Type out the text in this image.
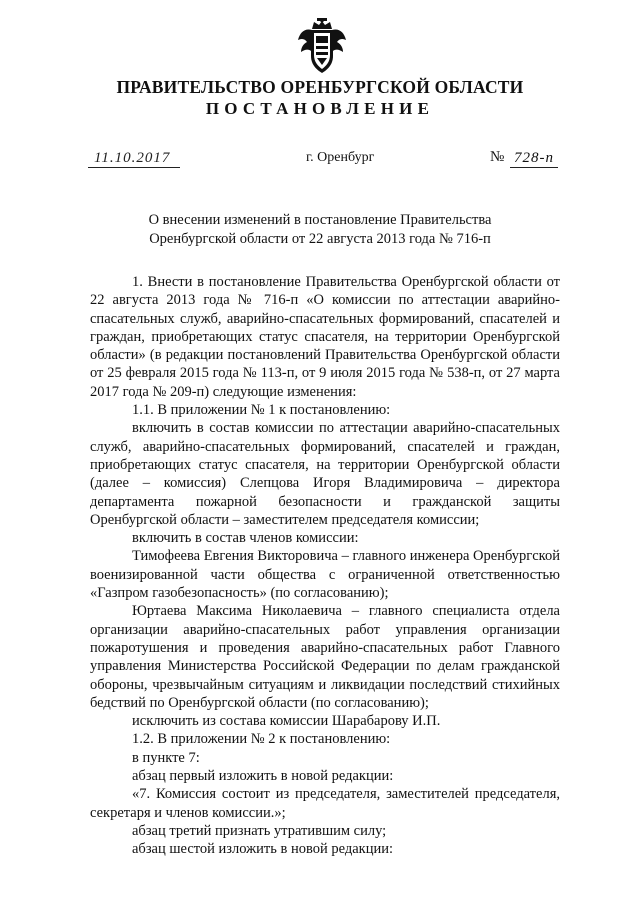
ПРАВИТЕЛЬСТВО ОРЕНБУРГСКОЙ ОБЛАСТИ
ПОСТАНОВЛЕНИЕ
11.10.2017	г. Оренбург	№ 728-п
О внесении изменений в постановление Правительства
Оренбургской области от 22 августа 2013 года № 716-п

1. Внести в постановление Правительства Оренбургской области от 22 августа 2013 года № 716-п «О комиссии по аттестации аварийно-спасательных служб, аварийно-спасательных формирований, спасателей и граждан, приобретающих статус спасателя, на территории Оренбургской области» (в редакции постановлений Правительства Оренбургской области от 25 февраля 2015 года № 113-п, от 9 июля 2015 года № 538-п, от 27 марта 2017 года № 209-п) следующие изменения:

1.1. В приложении № 1 к постановлению:

включить в состав комиссии по аттестации аварийно-спасательных служб, аварийно-спасательных формирований, спасателей и граждан, приобретающих статус спасателя, на территории Оренбургской области (далее – комиссия) Слепцова Игоря Владимировича – директора департамента пожарной безопасности и гражданской защиты Оренбургской области – заместителем председателя комиссии;

включить в состав членов комиссии:

Тимофеева Евгения Викторовича – главного инженера Оренбургской военизированной части общества с ограниченной ответственностью «Газпром газобезопасность» (по согласованию);

Юртаева Максима Николаевича – главного специалиста отдела организации аварийно-спасательных работ управления организации пожаротушения и проведения аварийно-спасательных работ Главного управления Министерства Российской Федерации по делам гражданской обороны, чрезвычайным ситуациям и ликвидации последствий стихийных бедствий по Оренбургской области (по согласованию);

исключить из состава комиссии Шарабарову И.П.

1.2. В приложении № 2 к постановлению:

в пункте 7:

абзац первый изложить в новой редакции:

«7. Комиссия состоит из председателя, заместителей председателя, секретаря и членов комиссии.»;

абзац третий признать утратившим силу;

абзац шестой изложить в новой редакции:
